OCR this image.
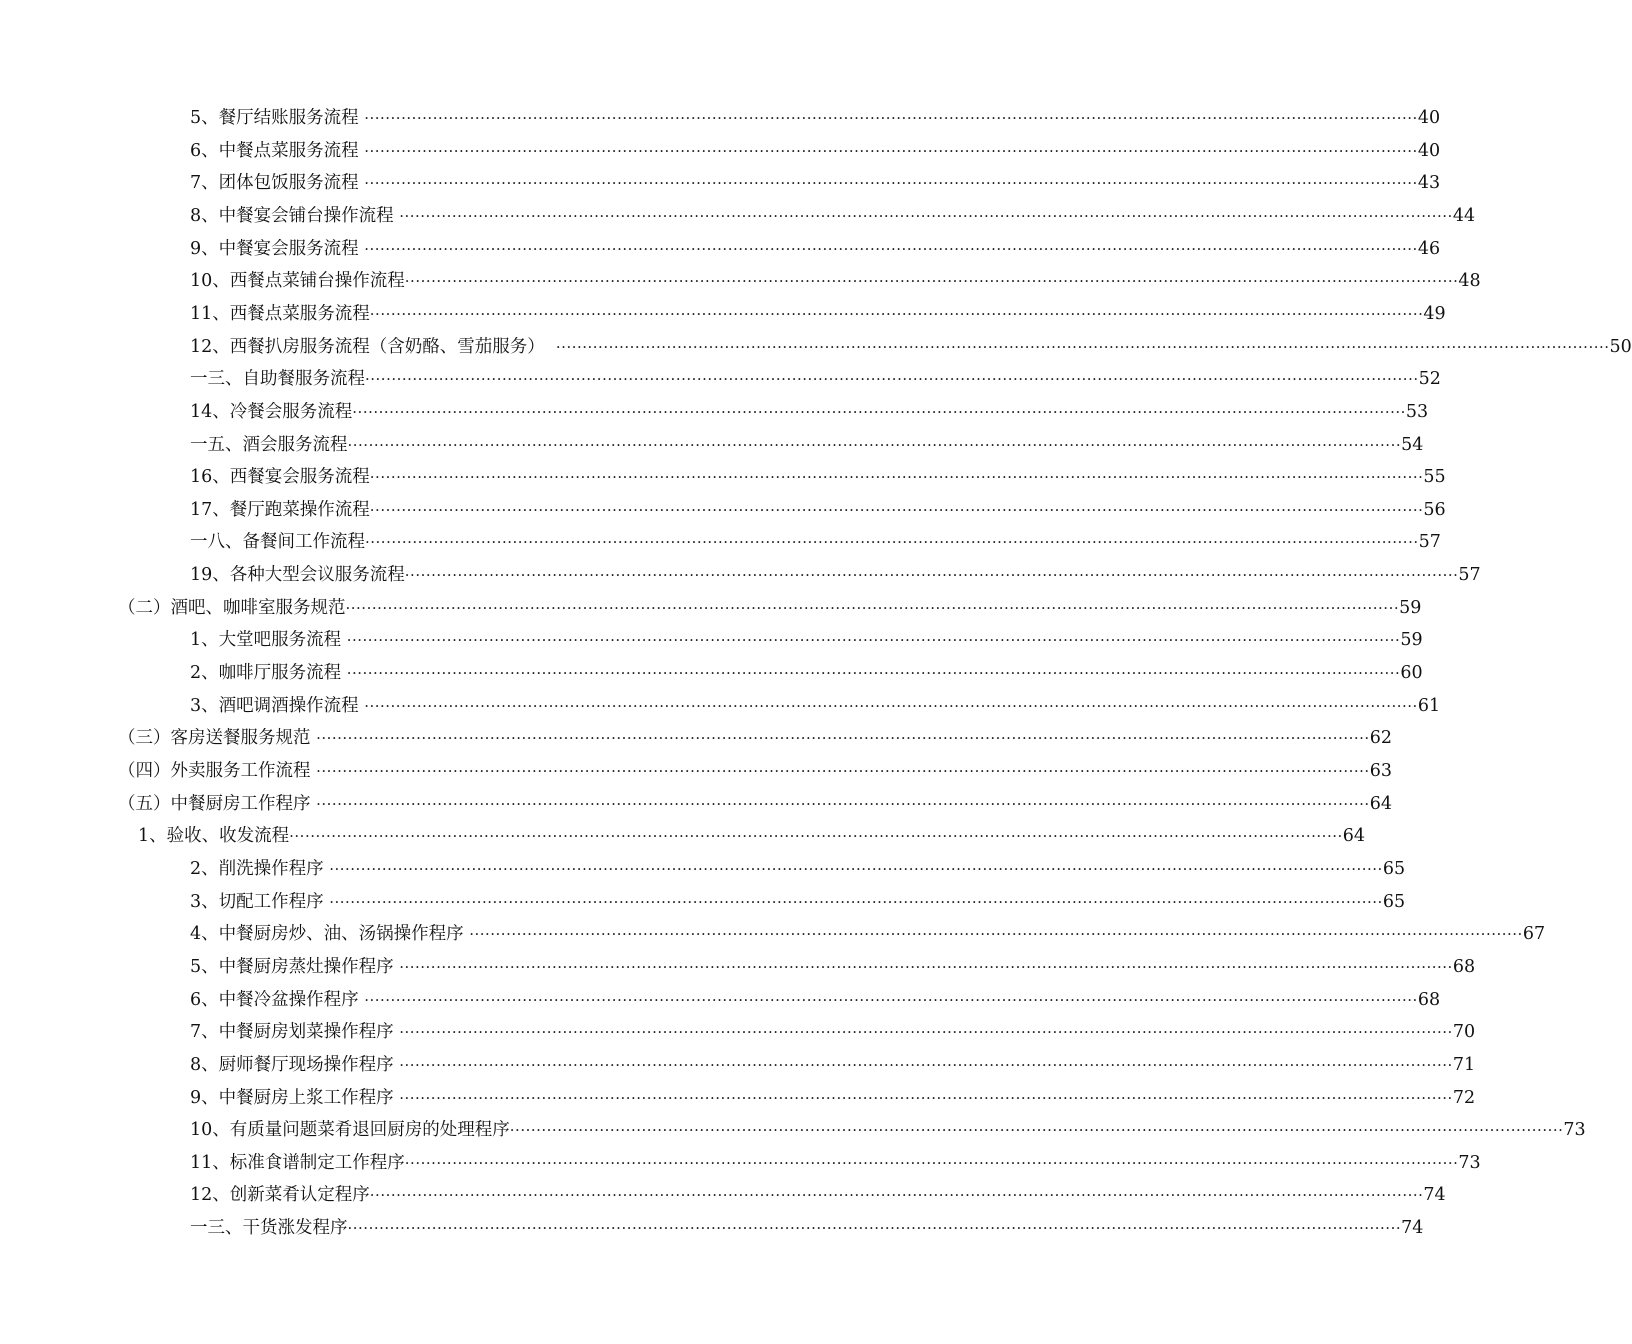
5、餐厅结账服务流程 ········································································································································································································ 40
6、中餐点菜服务流程 ········································································································································································································ 40
7、团体包饭服务流程 ········································································································································································································ 43
8、中餐宴会铺台操作流程 ········································································································································································································ 44
9、中餐宴会服务流程 ········································································································································································································ 46
10、西餐点菜铺台操作流程 ········································································································································································································ 48
11、西餐点菜服务流程 ········································································································································································································ 49
12、西餐扒房服务流程（含奶酪、雪茄服务） ········································································································································································································ 50
一三、自助餐服务流程 ········································································································································································································ 52
14、冷餐会服务流程 ········································································································································································································ 53
一五、酒会服务流程 ········································································································································································································ 54
16、西餐宴会服务流程 ········································································································································································································ 55
17、餐厅跑菜操作流程 ········································································································································································································ 56
一八、备餐间工作流程 ········································································································································································································ 57
19、各种大型会议服务流程 ········································································································································································································ 57
（二）酒吧、咖啡室服务规范 ········································································································································································································ 59
1、大堂吧服务流程 ········································································································································································································ 59
2、咖啡厅服务流程 ········································································································································································································ 60
3、酒吧调酒操作流程 ········································································································································································································ 61
（三）客房送餐服务规范 ········································································································································································································ 62
（四）外卖服务工作流程 ········································································································································································································ 63
（五）中餐厨房工作程序 ········································································································································································································ 64
1、验收、收发流程 ········································································································································································································ 64
2、削洗操作程序 ········································································································································································································ 65
3、切配工作程序 ········································································································································································································ 65
4、中餐厨房炒、油、汤锅操作程序 ········································································································································································································ 67
5、中餐厨房蒸灶操作程序 ········································································································································································································ 68
6、中餐冷盆操作程序 ········································································································································································································ 68
7、中餐厨房划菜操作程序 ········································································································································································································ 70
8、厨师餐厅现场操作程序 ········································································································································································································ 71
9、中餐厨房上浆工作程序 ········································································································································································································ 72
10、有质量问题菜肴退回厨房的处理程序 ········································································································································································································ 73
11、标准食谱制定工作程序 ········································································································································································································ 73
12、创新菜肴认定程序 ········································································································································································································ 74
一三、干货涨发程序 ········································································································································································································ 74
